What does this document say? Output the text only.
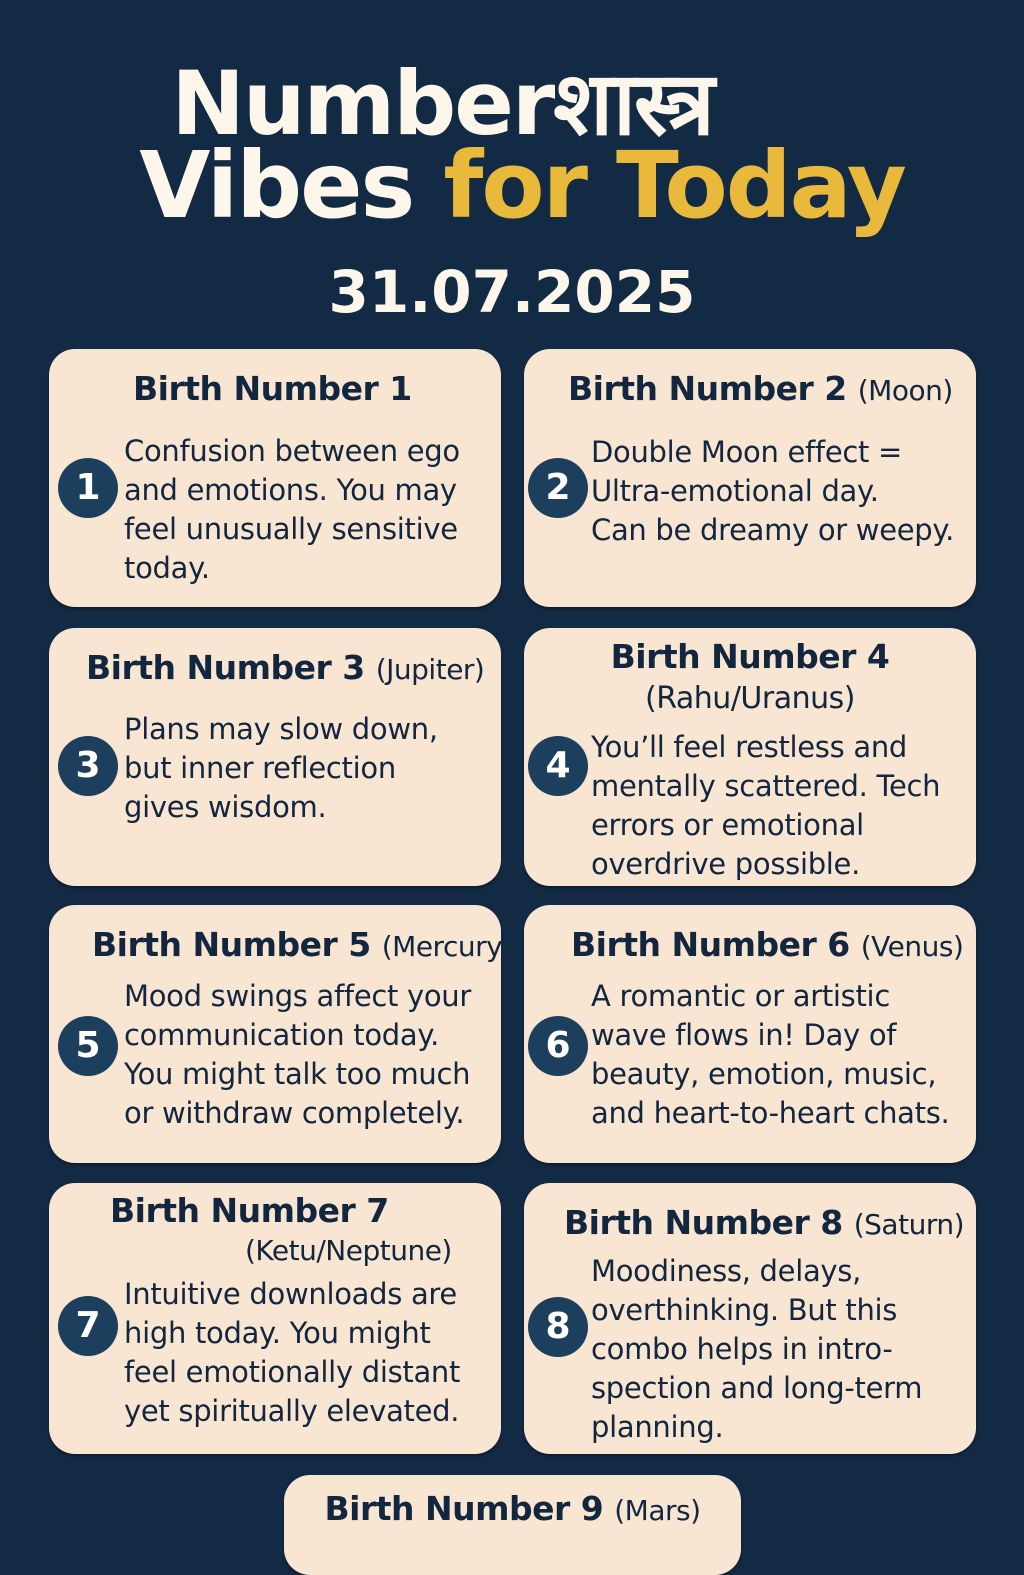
Numberशास्त्र
Vibes for Today
31.07.2025
Birth Number 1
Confusion between ego
and emotions. You may
feel unusually sensitive
today.
1
Birth Number 2 (Moon)
Double Moon effect =
Ultra-emotional day.
Can be dreamy or weepy.
2
Birth Number 3 (Jupiter)
Plans may slow down,
but inner reflection
gives wisdom.
3
Birth Number 4
(Rahu/Uranus)
You’ll feel restless and
mentally scattered. Tech
errors or emotional
overdrive possible.
4
Birth Number 5 (Mercury
Mood swings affect your
communication today.
You might talk too much
or withdraw completely.
5
Birth Number 6 (Venus)
A romantic or artistic
wave flows in! Day of
beauty, emotion, music,
and heart-to-heart chats.
6
Birth Number 7
(Ketu/Neptune)
Intuitive downloads are
high today. You might
feel emotionally distant
yet spiritually elevated.
7
Birth Number 8 (Saturn)
Moodiness, delays,
overthinking. But this
combo helps in intro-
spection and long-term
planning.
8
Birth Number 9 (Mars)
